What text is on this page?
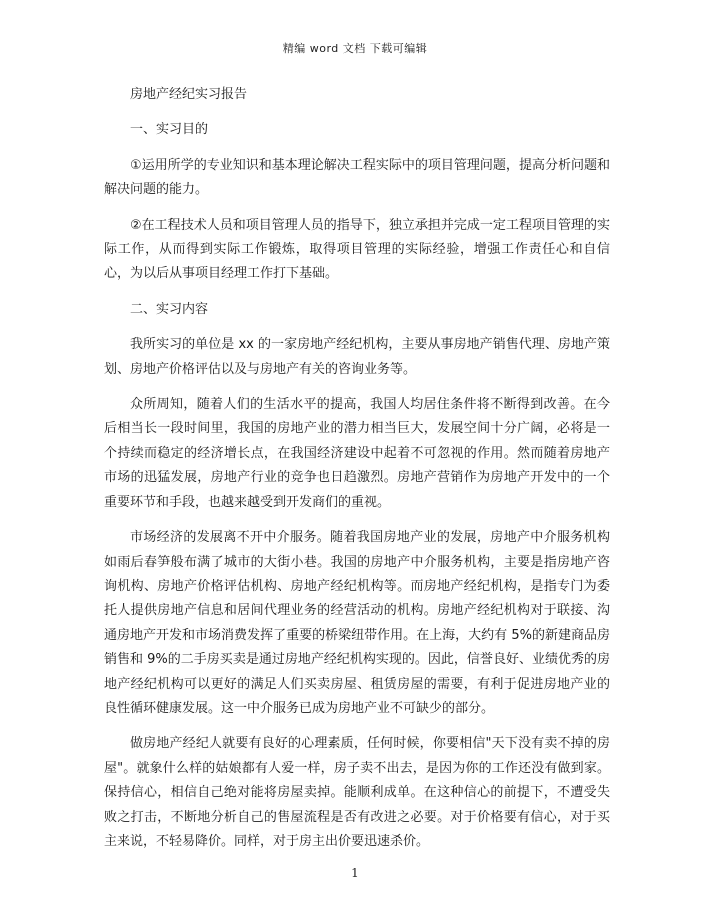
精编 word 文档 下载可编辑

房地产经纪实习报告

一、实习目的

①运用所学的专业知识和基本理论解决工程实际中的项目管理问题，提高分析问题和解决问题的能力。

②在工程技术人员和项目管理人员的指导下，独立承担并完成一定工程项目管理的实际工作，从而得到实际工作锻炼，取得项目管理的实际经验，增强工作责任心和自信心，为以后从事项目经理工作打下基础。

二、实习内容

我所实习的单位是 xx 的一家房地产经纪机构，主要从事房地产销售代理、房地产策划、房地产价格评估以及与房地产有关的咨询业务等。

众所周知，随着人们的生活水平的提高，我国人均居住条件将不断得到改善。在今后相当长一段时间里，我国的房地产业的潜力相当巨大，发展空间十分广阔，必将是一个持续而稳定的经济增长点，在我国经济建设中起着不可忽视的作用。然而随着房地产市场的迅猛发展，房地产行业的竞争也日趋激烈。房地产营销作为房地产开发中的一个重要环节和手段，也越来越受到开发商们的重视。

市场经济的发展离不开中介服务。随着我国房地产业的发展，房地产中介服务机构如雨后春笋般布满了城市的大街小巷。我国的房地产中介服务机构，主要是指房地产咨询机构、房地产价格评估机构、房地产经纪机构等。而房地产经纪机构，是指专门为委托人提供房地产信息和居间代理业务的经营活动的机构。房地产经纪机构对于联接、沟通房地产开发和市场消费发挥了重要的桥梁纽带作用。在上海，大约有 5%的新建商品房销售和 9%的二手房买卖是通过房地产经纪机构实现的。因此，信誉良好、业绩优秀的房地产经纪机构可以更好的满足人们买卖房屋、租赁房屋的需要，有利于促进房地产业的良性循环健康发展。这一中介服务已成为房地产业不可缺少的部分。

做房地产经纪人就要有良好的心理素质，任何时候，你要相信"天下没有卖不掉的房屋"。就象什么样的姑娘都有人爱一样，房子卖不出去，是因为你的工作还没有做到家。保持信心，相信自己绝对能将房屋卖掉。能顺利成单。在这种信心的前提下，不遭受失败之打击，不断地分析自己的售屋流程是否有改进之必要。对于价格要有信心，对于买主来说，不轻易降价。同样，对于房主出价要迅速杀价。

1
